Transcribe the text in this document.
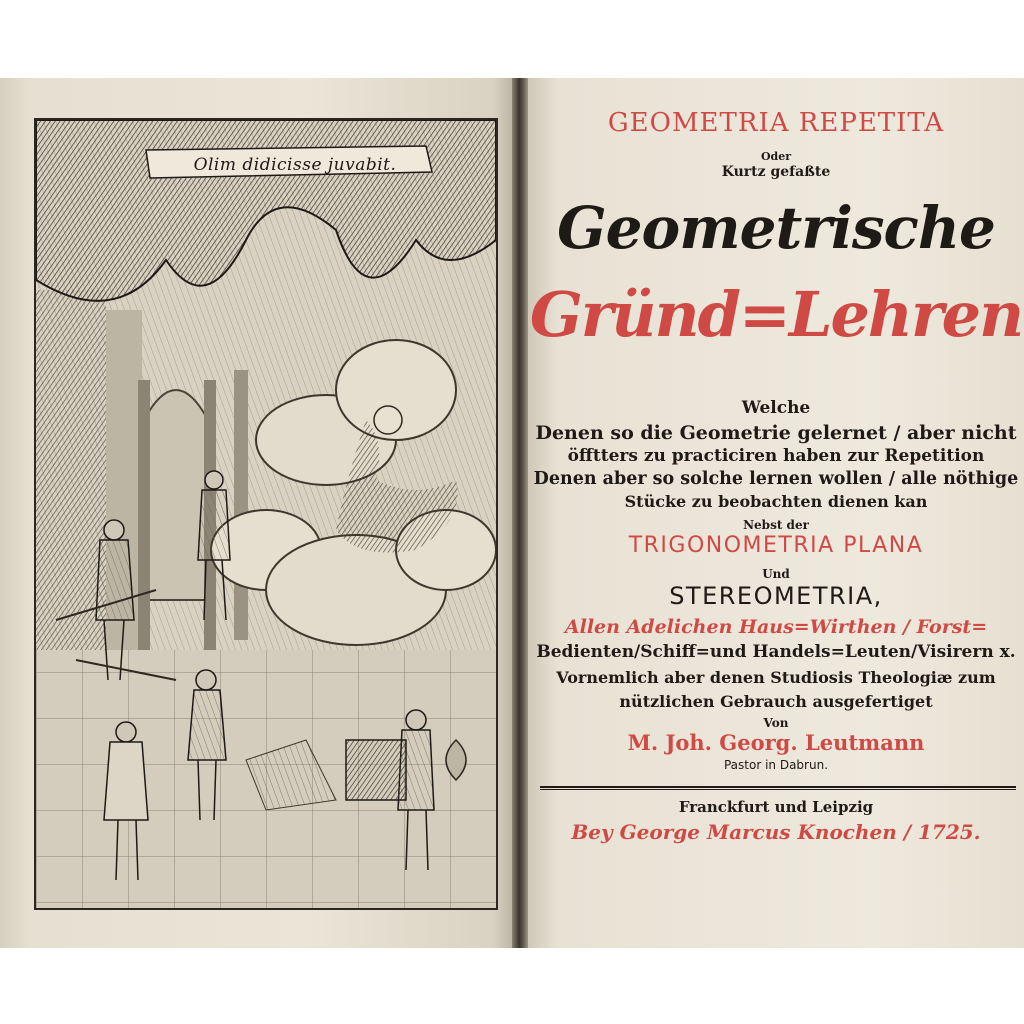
Olim didicisse juvabit.
GEOMETRIA REPETITA
Oder
Kurtz gefaßte
Geometrische
Gründ=Lehren
Welche
Denen so die Geometrie gelernet / aber nicht
öfftters zu practiciren haben zur Repetition
Denen aber so solche lernen wollen / alle nöthige
Stücke zu beobachten dienen kan
Nebst der
TRIGONOMETRIA PLANA
Und
STEREOMETRIA,
Allen Adelichen Haus=Wirthen / Forst=
Bedienten/Schiff=und Handels=Leuten/Visirern x.
Vornemlich aber denen Studiosis Theologiæ zum
nützlichen Gebrauch ausgefertiget
Von
M. Joh. Georg. Leutmann
Pastor in Dabrun.
Franckfurt und Leipzig
Bey George Marcus Knochen / 1725.
